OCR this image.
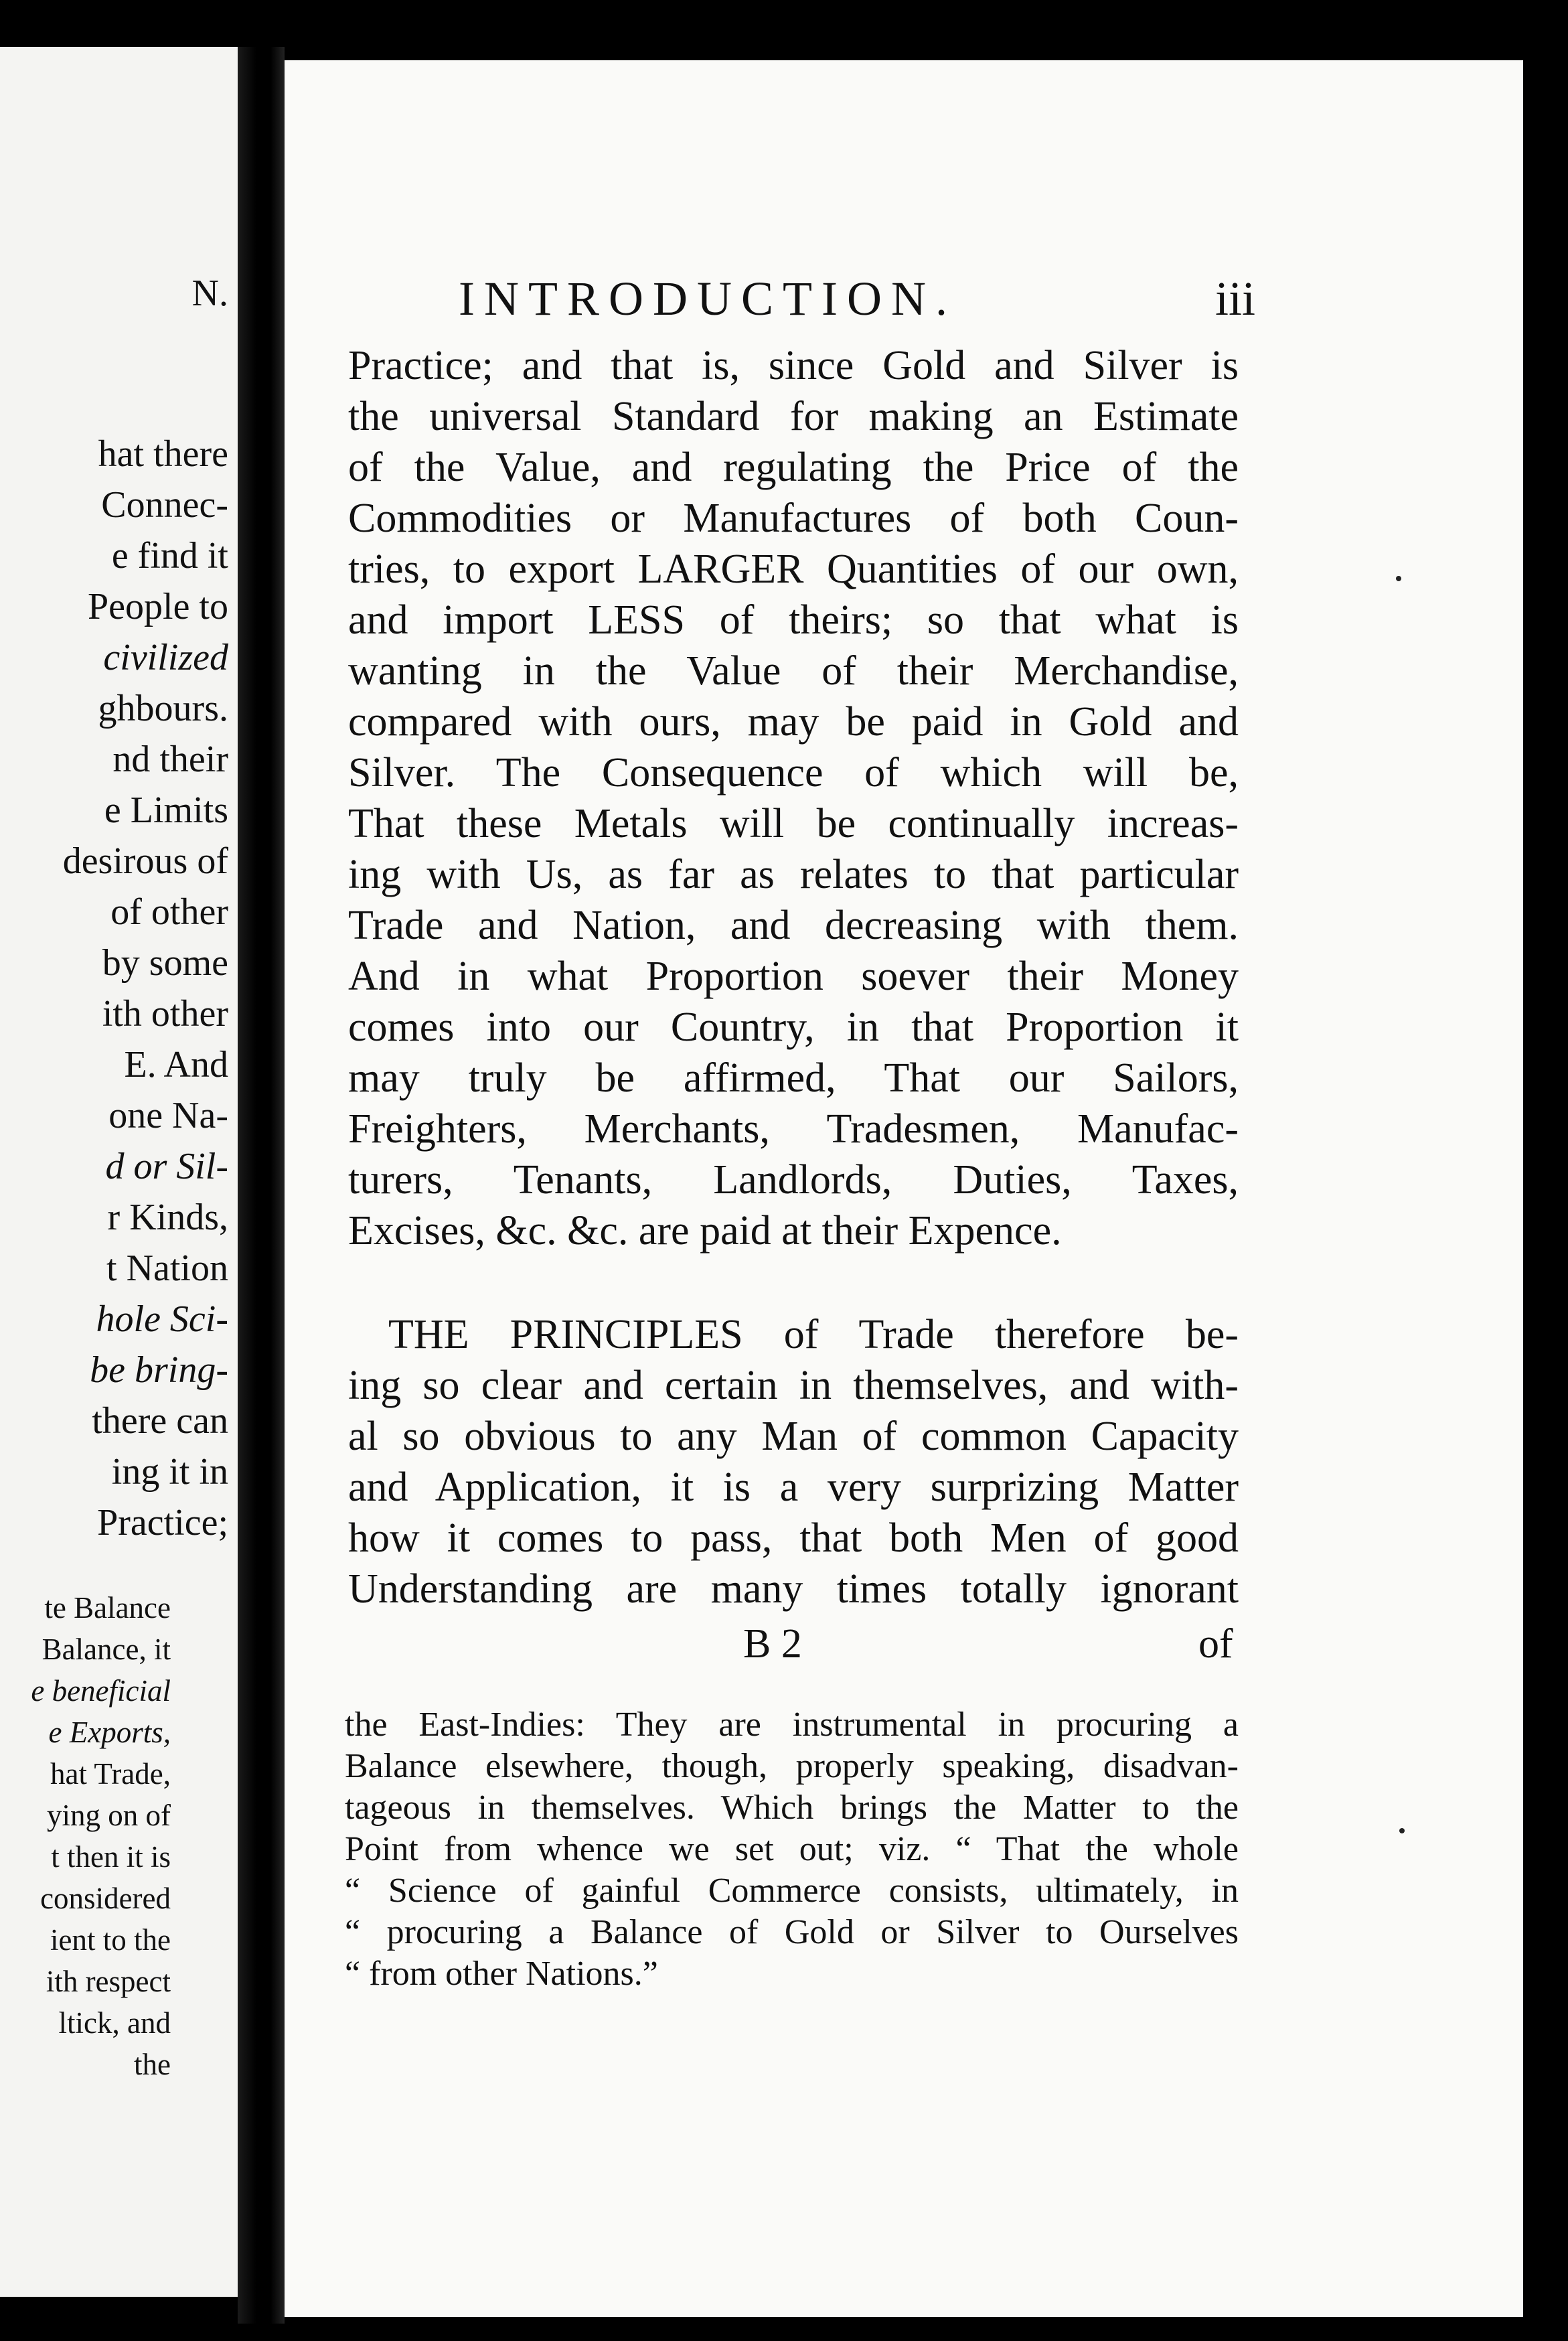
N.
hat there
Connec-
e find it
People to
civilized
ghbours.
nd their
e Limits
desirous of
of other
by some
ith other
E. And
one Na-
d or Sil-
r Kinds,
t Nation
hole Sci-
be bring-
there can
ing it in
Practice;
te Balance
Balance, it
e beneficial
e Exports,
hat Trade,
ying on of
t then it is
considered
ient to the
ith respect
ltick, and
the
INTRODUCTION.	iii
Practice; and that is, since Gold and Silver is
the universal Standard for making an Estimate
of the Value, and regulating the Price of the
Commodities or Manufactures of both Coun-
tries, to export LARGER Quantities of our own,
and import LESS of theirs; so that what is
wanting in the Value of their Merchandise,
compared with ours, may be paid in Gold and
Silver. The Consequence of which will be,
That these Metals will be continually increas-
ing with Us, as far as relates to that particular
Trade and Nation, and decreasing with them.
And in what Proportion soever their Money
comes into our Country, in that Proportion it
may truly be affirmed, That our Sailors,
Freighters, Merchants, Tradesmen, Manufac-
turers, Tenants, Landlords, Duties, Taxes,
Excises, &c. &c. are paid at their Expence.
THE PRINCIPLES of Trade therefore be-
ing so clear and certain in themselves, and with-
al so obvious to any Man of common Capacity
and Application, it is a very surprizing Matter
how it comes to pass, that both Men of good
Understanding are many times totally ignorant
B 2	of
the East-Indies: They are instrumental in procuring a
Balance elsewhere, though, properly speaking, disadvan-
tageous in themselves. Which brings the Matter to the
Point from whence we set out; viz. “ That the whole
“ Science of gainful Commerce consists, ultimately, in
“ procuring a Balance of Gold or Silver to Ourselves
“ from other Nations.”
